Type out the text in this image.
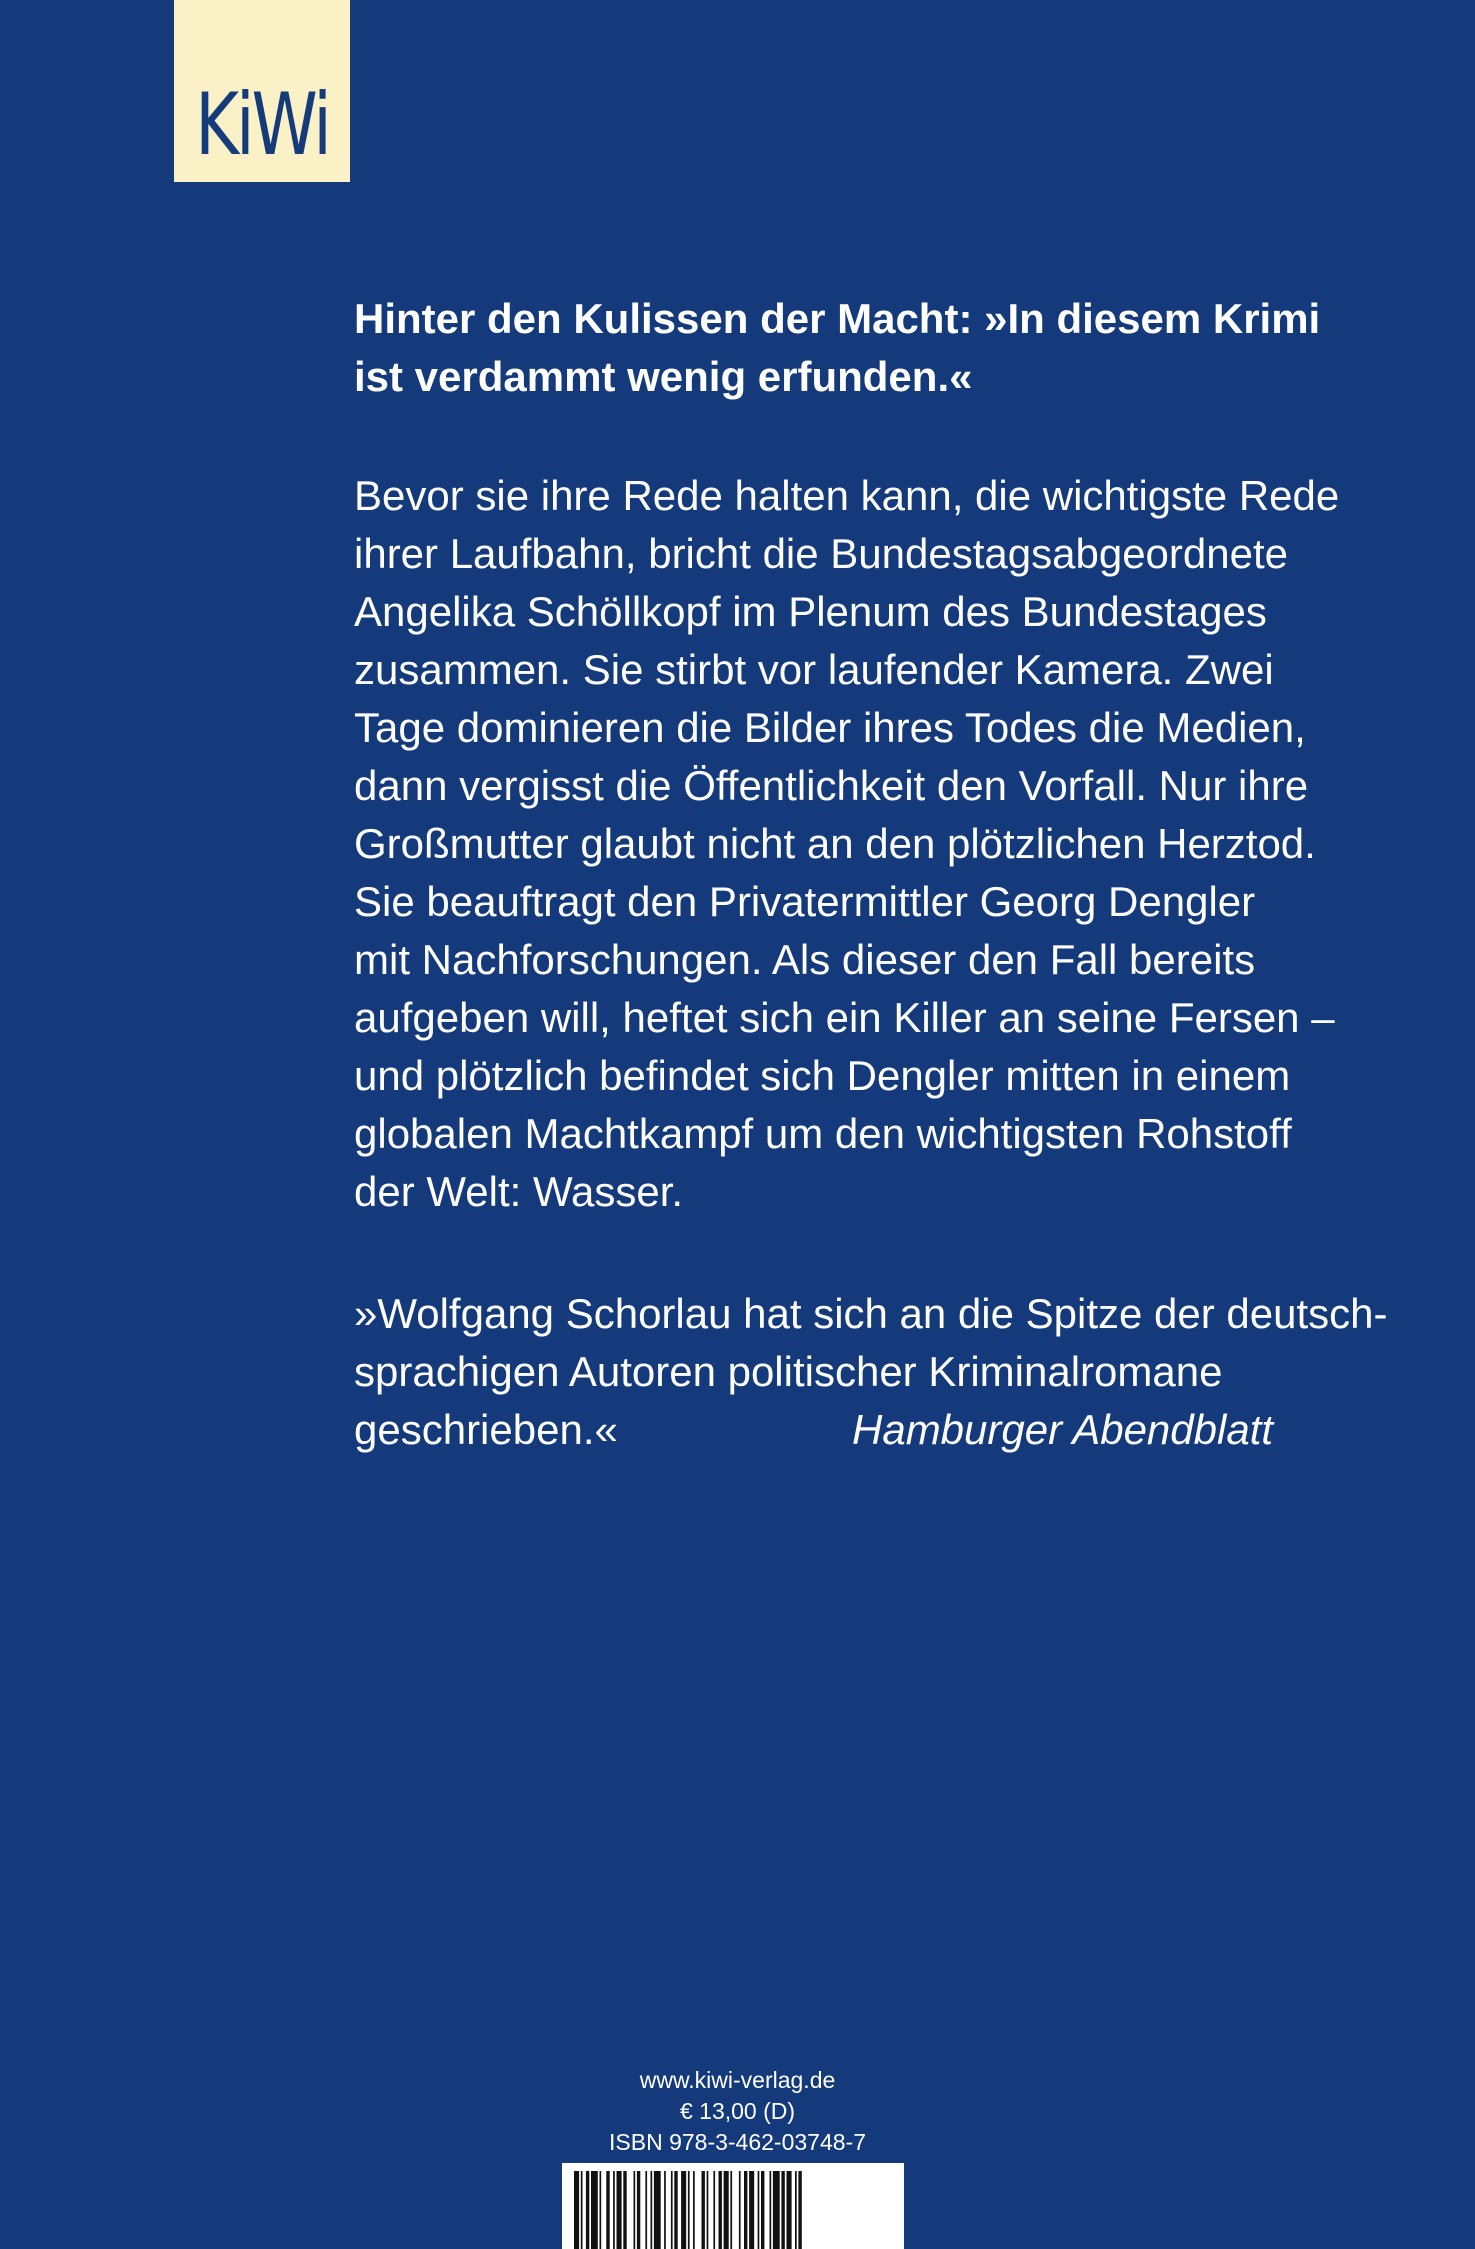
KiWi
Hinter den Kulissen der Macht: »In diesem Krimi
ist verdammt wenig erfunden.«
Bevor sie ihre Rede halten kann, die wichtigste Rede
ihrer Laufbahn, bricht die Bundestagsabgeordnete
Angelika Schöllkopf im Plenum des Bundestages
zusammen. Sie stirbt vor laufender Kamera. Zwei
Tage dominieren die Bilder ihres Todes die Medien,
dann vergisst die Öffentlichkeit den Vorfall. Nur ihre
Großmutter glaubt nicht an den plötzlichen Herztod.
Sie beauftragt den Privatermittler Georg Dengler
mit Nachforschungen. Als dieser den Fall bereits
aufgeben will, heftet sich ein Killer an seine Fersen –
und plötzlich befindet sich Dengler mitten in einem
globalen Machtkampf um den wichtigsten Rohstoff
der Welt: Wasser.
»Wolfgang Schorlau hat sich an die Spitze der deutsch-
sprachigen Autoren politischer Kriminalromane
geschrieben.«	Hamburger Abendblatt
www.kiwi-verlag.de
€ 13,00 (D)
ISBN 978-3-462-03748-7
